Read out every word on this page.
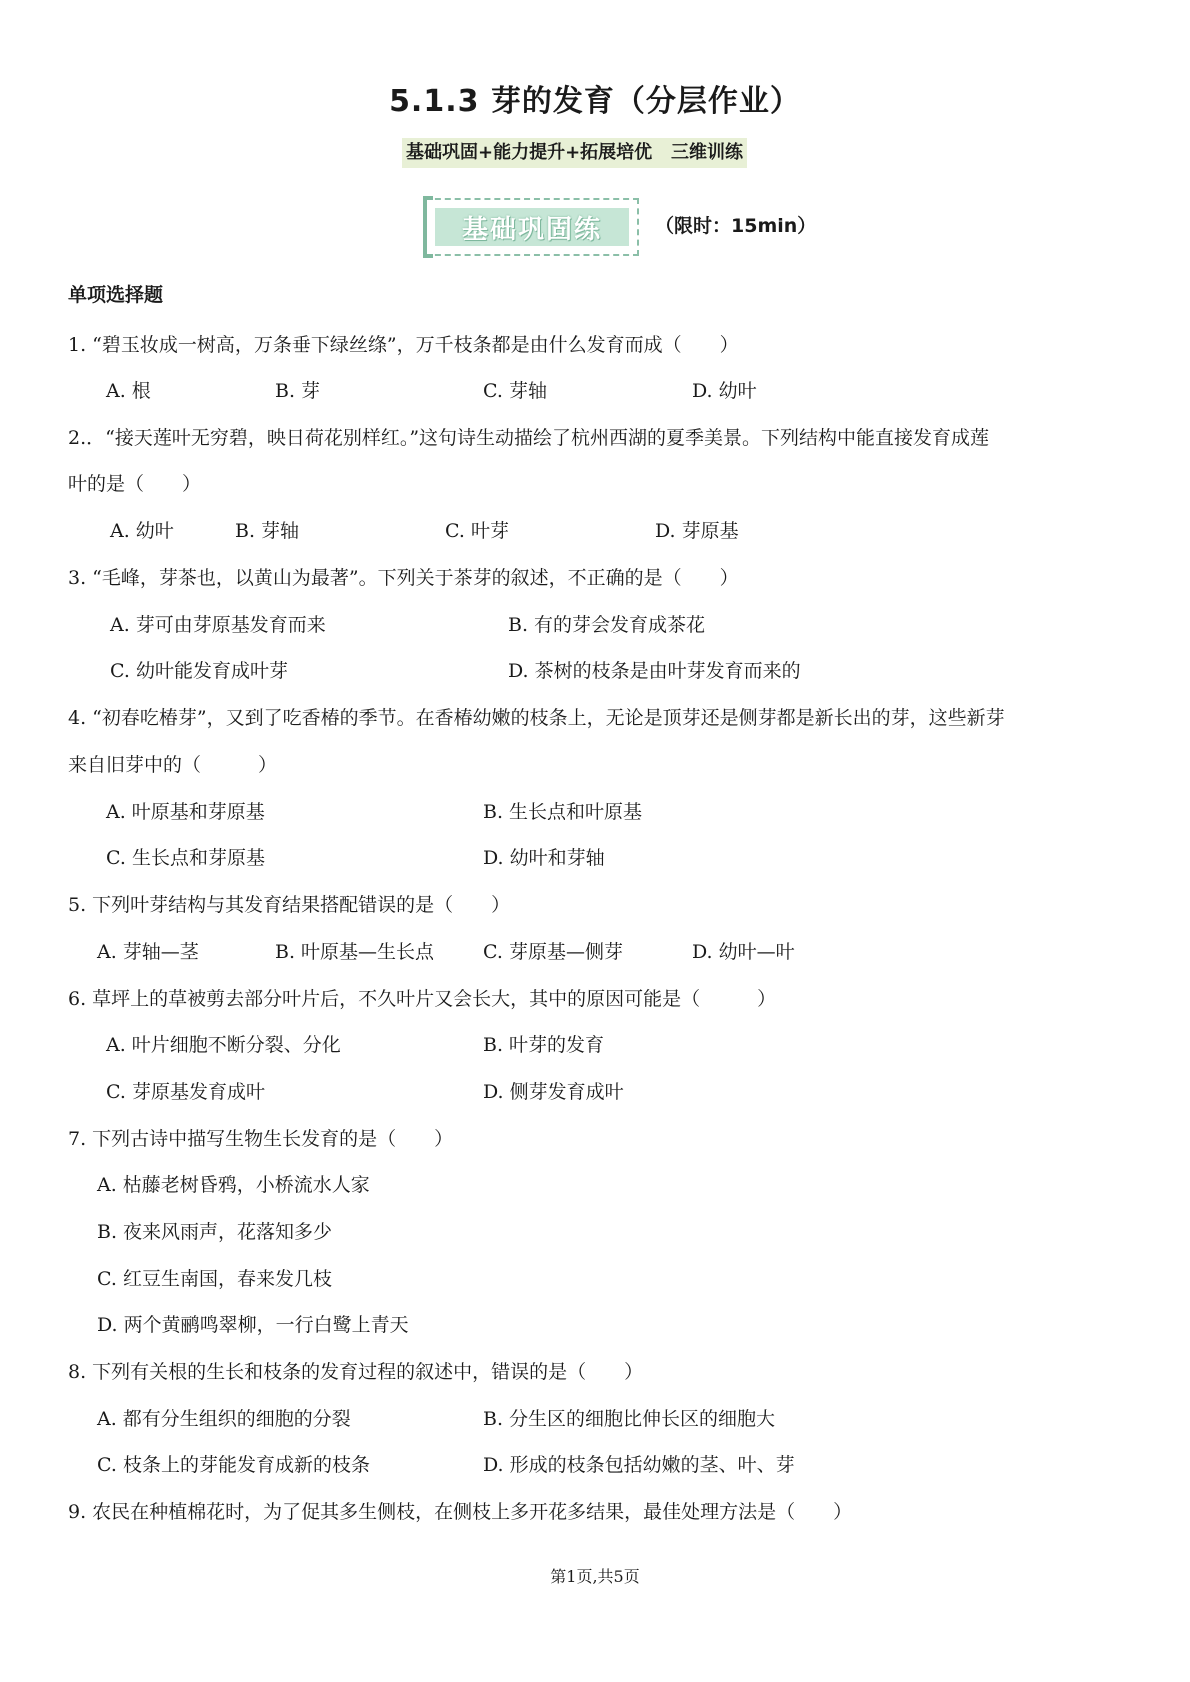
5.1.3 芽的发育（分层作业）
基础巩固+能力提升+拓展培优   三维训练
基础巩固练	（限时：15min）
单项选择题
1. “碧玉妆成一树高，万条垂下绿丝绦”，万千枝条都是由什么发育而成（　　）
A. 根	B. 芽	C. 芽轴	D. 幼叶
2.．“接天莲叶无穷碧，映日荷花别样红。”这句诗生动描绘了杭州西湖的夏季美景。下列结构中能直接发育成莲
叶的是（　　）
A. 幼叶	B. 芽轴	C. 叶芽	D. 芽原基
3. “毛峰，芽茶也，以黄山为最著”。下列关于茶芽的叙述，不正确的是（　　）
A. 芽可由芽原基发育而来	B. 有的芽会发育成茶花
C. 幼叶能发育成叶芽	D. 茶树的枝条是由叶芽发育而来的
4. “初春吃椿芽”，又到了吃香椿的季节。在香椿幼嫩的枝条上，无论是顶芽还是侧芽都是新长出的芽，这些新芽
来自旧芽中的（　　　）
A. 叶原基和芽原基	B. 生长点和叶原基
C. 生长点和芽原基	D. 幼叶和芽轴
5. 下列叶芽结构与其发育结果搭配错误的是（　　）
A. 芽轴—茎	B. 叶原基—生长点	C. 芽原基—侧芽	D. 幼叶—叶
6. 草坪上的草被剪去部分叶片后，不久叶片又会长大，其中的原因可能是（　　　）
A. 叶片细胞不断分裂、分化	B. 叶芽的发育
C. 芽原基发育成叶	D. 侧芽发育成叶
7. 下列古诗中描写生物生长发育的是（　　）
A. 枯藤老树昏鸦，小桥流水人家
B. 夜来风雨声，花落知多少
C. 红豆生南国，春来发几枝
D. 两个黄鹂鸣翠柳，一行白鹭上青天
8. 下列有关根的生长和枝条的发育过程的叙述中，错误的是（　　）
A. 都有分生组织的细胞的分裂	B. 分生区的细胞比伸长区的细胞大
C. 枝条上的芽能发育成新的枝条	D. 形成的枝条包括幼嫩的茎、叶、芽
9. 农民在种植棉花时，为了促其多生侧枝，在侧枝上多开花多结果，最佳处理方法是（　　）
第1页,共5页
